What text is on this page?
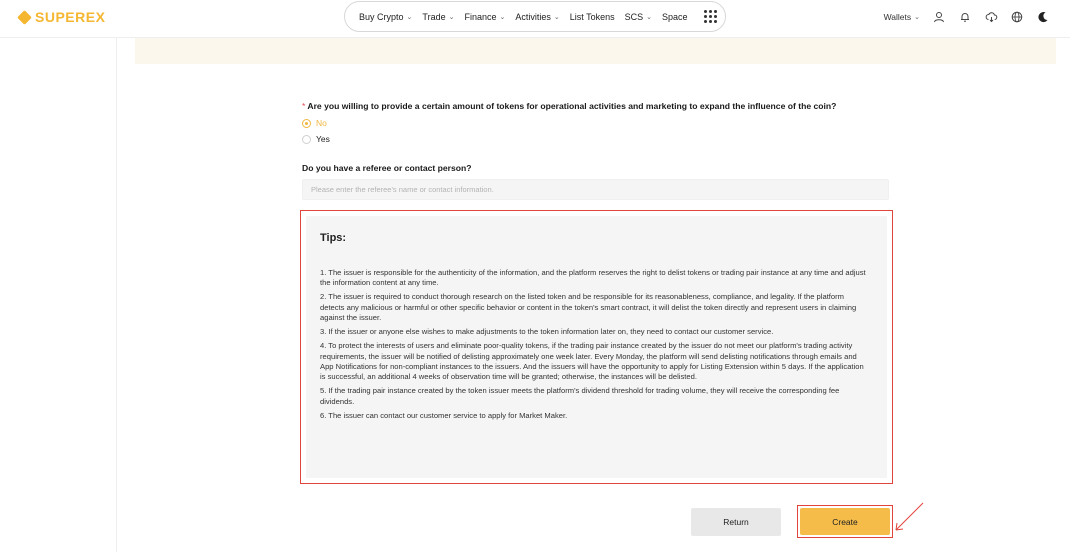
SUPEREX	Buy Crypto ⌄ Trade ⌄ Finance ⌄ Activities ⌄ List Tokens SCS ⌄ Space	Wallets ⌄
* Are you willing to provide a certain amount of tokens for operational activities and marketing to expand the influence of the coin?
No
Yes
Do you have a referee or contact person?
Please enter the referee's name or contact information.
Tips:

1. The issuer is responsible for the authenticity of the information, and the platform reserves the right to delist tokens or trading pair instance at any time and adjust the information content at any time.

2. The issuer is required to conduct thorough research on the listed token and be responsible for its reasonableness, compliance, and legality. If the platform detects any malicious or harmful or other specific behavior or content in the token's smart contract, it will delist the token directly and represent users in claiming against the issuer.

3. If the issuer or anyone else wishes to make adjustments to the token information later on, they need to contact our customer service.

4. To protect the interests of users and eliminate poor-quality tokens, if the trading pair instance created by the issuer do not meet our platform's trading activity requirements, the issuer will be notified of delisting approximately one week later. Every Monday, the platform will send delisting notifications through emails and App Notifications for non-compliant instances to the issuers. And the issuers will have the opportunity to apply for Listing Extension within 5 days. If the application is successful, an additional 4 weeks of observation time will be granted; otherwise, the instances will be delisted.

5. If the trading pair instance created by the token issuer meets the platform's dividend threshold for trading volume, they will receive the corresponding fee dividends.

6. The issuer can contact our customer service to apply for Market Maker.

Return	Create
